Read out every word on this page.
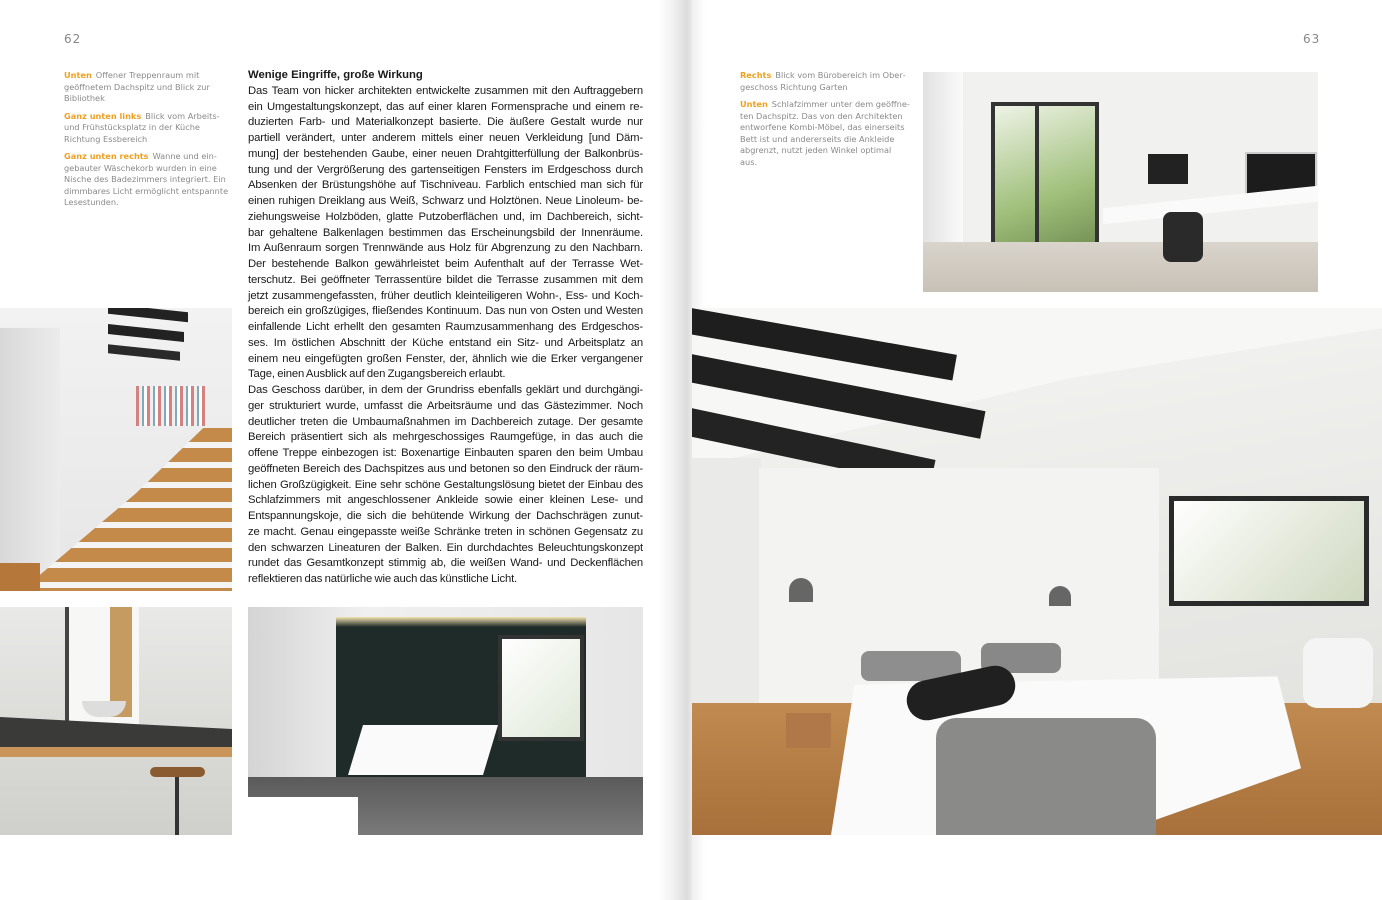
62

Unten Offener Treppenraum mit geöffnetem Dachspitz und Blick zur Bibliothek

Ganz unten links Blick vom Arbeits- und Frühstücksplatz in der Küche Richtung Essbereich

Ganz unten rechts Wanne und eingebauter Wäschekorb wurden in eine Nische des Badezimmers integriert. Ein dimmbares Licht ermöglicht entspannte Lesestunden.

Wenige Eingriffe, große Wirkung
Das Team von hicker architekten entwickelte zusammen mit den Auftraggebern
ein Umgestaltungskonzept, das auf einer klaren Formensprache und einem re-
duzierten Farb- und Materialkonzept basierte. Die äußere Gestalt wurde nur
partiell verändert, unter anderem mittels einer neuen Verkleidung [und Däm-
mung] der bestehenden Gaube, einer neuen Drahtgitterfüllung der Balkonbrüs-
tung und der Vergrößerung des gartenseitigen Fensters im Erdgeschoss durch
Absenken der Brüstungshöhe auf Tischniveau. Farblich entschied man sich für
einen ruhigen Dreiklang aus Weiß, Schwarz und Holztönen. Neue Linoleum- be-
ziehungsweise Holzböden, glatte Putzoberflächen und, im Dachbereich, sicht-
bar gehaltene Balkenlagen bestimmen das Erscheinungsbild der Innenräume.
Im Außenraum sorgen Trennwände aus Holz für Abgrenzung zu den Nachbarn.
Der bestehende Balkon gewährleistet beim Aufenthalt auf der Terrasse Wet-
terschutz. Bei geöffneter Terrassentüre bildet die Terrasse zusammen mit dem
jetzt zusammengefassten, früher deutlich kleinteiligeren Wohn-, Ess- und Koch-
bereich ein großzügiges, fließendes Kontinuum. Das nun von Osten und Westen
einfallende Licht erhellt den gesamten Raumzusammenhang des Erdgeschos-
ses. Im östlichen Abschnitt der Küche entstand ein Sitz- und Arbeitsplatz an
einem neu eingefügten großen Fenster, der, ähnlich wie die Erker vergangener
Tage, einen Ausblick auf den Zugangsbereich erlaubt.
Das Geschoss darüber, in dem der Grundriss ebenfalls geklärt und durchgängi-
ger strukturiert wurde, umfasst die Arbeitsräume und das Gästezimmer. Noch
deutlicher treten die Umbaumaßnahmen im Dachbereich zutage. Der gesamte
Bereich präsentiert sich als mehrgeschossiges Raumgefüge, in das auch die
offene Treppe einbezogen ist: Boxenartige Einbauten sparen den beim Umbau
geöffneten Bereich des Dachspitzes aus und betonen so den Eindruck der räum-
lichen Großzügigkeit. Eine sehr schöne Gestaltungslösung bietet der Einbau des
Schlafzimmers mit angeschlossener Ankleide sowie einer kleinen Lese- und
Entspannungskoje, die sich die behütende Wirkung der Dachschrägen zunut-
ze macht. Genau eingepasste weiße Schränke treten in schönen Gegensatz zu
den schwarzen Lineaturen der Balken. Ein durchdachtes Beleuchtungskonzept
rundet das Gesamtkonzept stimmig ab, die weißen Wand- und Deckenflächen
reflektieren das natürliche wie auch das künstliche Licht.
63

Rechts Blick vom Bürobereich im Obergeschoss Richtung Garten

Unten Schlafzimmer unter dem geöffneten Dachspitz. Das von den Architekten entworfene Kombi-Möbel, das einerseits Bett ist und andererseits die Ankleide abgrenzt, nutzt jeden Winkel optimal aus.
